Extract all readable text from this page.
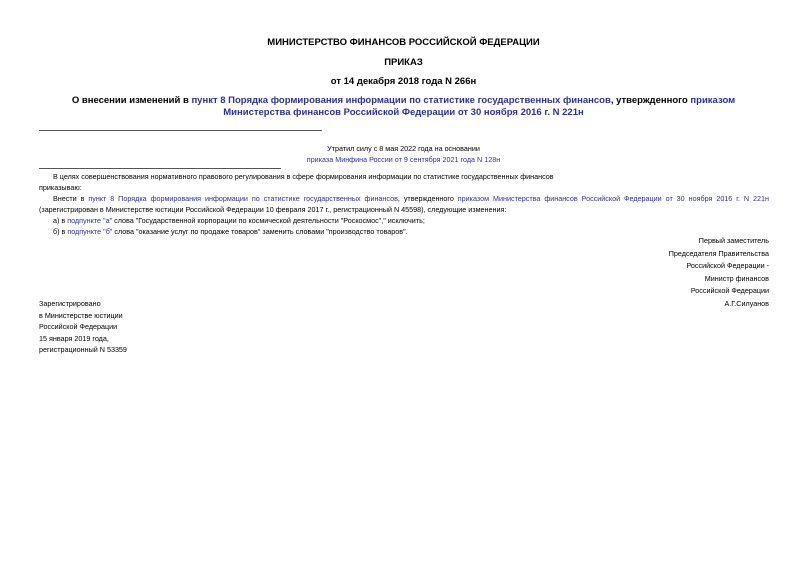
МИНИСТЕРСТВО ФИНАНСОВ РОССИЙСКОЙ ФЕДЕРАЦИИ
ПРИКАЗ
от 14 декабря 2018 года N 266н
О внесении изменений в пункт 8 Порядка формирования информации по статистике государственных финансов, утвержденного приказом Министерства финансов Российской Федерации от 30 ноября 2016 г. N 221н
Утратил силу с 8 мая 2022 года на основании
приказа Минфина России от 9 сентября 2021 года N 128н
В целях совершенствования нормативного правового регулирования в сфере формирования информации по статистике государственных финансов
приказываю:
Внести в пункт 8 Порядка формирования информации по статистике государственных финансов, утвержденного приказом Министерства финансов Российской Федерации от 30 ноября 2016 г. N 221н
(зарегистрирован в Министерстве юстиции Российской Федерации 10 февраля 2017 г., регистрационный N 45598), следующие изменения:
а) в подпункте "а" слова "Государственной корпорации по космической деятельности "Роскосмос"," исключить;
б) в подпункте "б" слова "оказание услуг по продаже товаров" заменить словами "производство товаров".
Первый заместитель
Председателя Правительства
Российской Федерации -
Министр финансов
Российской Федерации
А.Г.Силуанов
Зарегистрировано
в Министерстве юстиции
Российской Федерации
15 января 2019 года,
регистрационный N 53359
